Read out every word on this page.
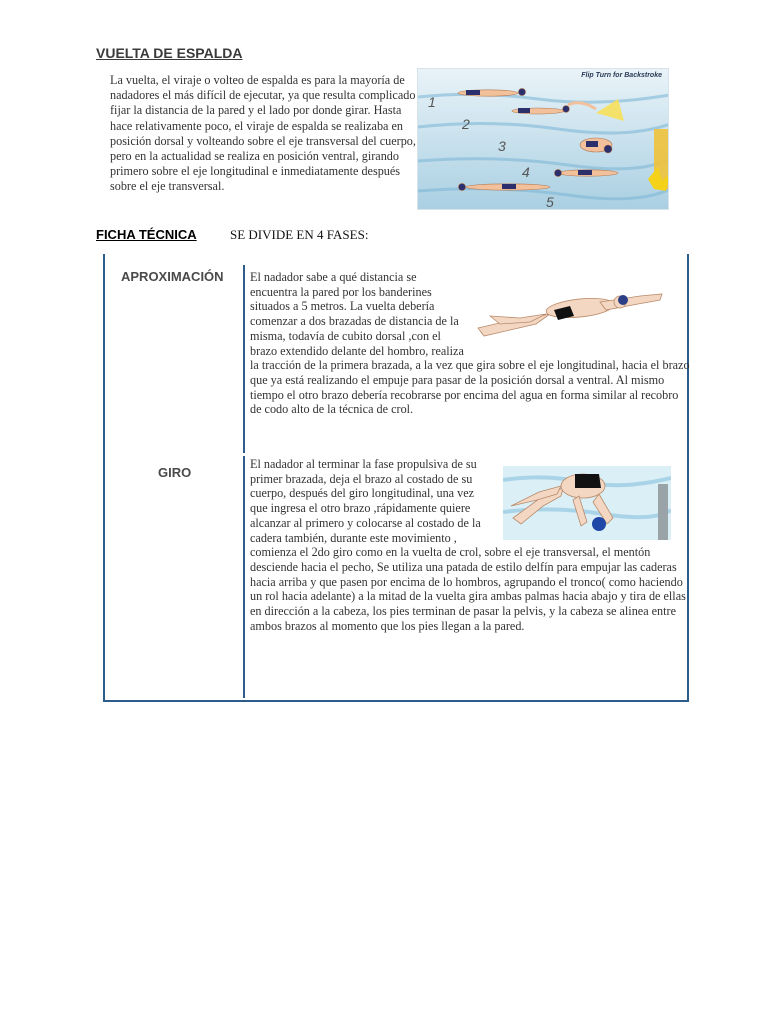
VUELTA DE ESPALDA

La vuelta, el viraje o volteo de espalda es para la mayoría de nadadores el más difícil de ejecutar, ya que resulta complicado fijar la distancia de la pared y el lado por donde girar. Hasta hace relativamente poco, el viraje de espalda se realizaba en posición dorsal y volteando sobre el eje transversal del cuerpo, pero en la actualidad se realiza en posición ventral, girando primero sobre el eje longitudinal e inmediatamente después sobre el eje transversal.

1
2
3
4
5
Flip Turn for Backstroke

FICHA TÉCNICA	SE DIVIDE EN 4 FASES:

APROXIMACIÓN El nadador sabe a qué distancia se encuentra la pared por los banderines situados a 5 metros. La vuelta debería comenzar a dos brazadas de distancia de la misma, todavía de cubito dorsal ,con el brazo extendido delante del hombro, realiza la tracción de la primera brazada, a la vez que gira sobre el eje longitudinal, hacia el brazo que ya está realizando el empuje para pasar de la posición dorsal a ventral. Al mismo tiempo el otro brazo debería recobrarse por encima del agua en forma similar al recobro de codo alto de la técnica de crol.

GIRO

El nadador al terminar la fase propulsiva de su primer brazada, deja el brazo al costado de su cuerpo, después del giro longitudinal, una vez que ingresa el otro brazo ,rápidamente quiere alcanzar al primero y colocarse al costado de la cadera también, durante este movimiento , comienza el 2do giro como en la vuelta de crol, sobre el eje transversal, el mentón desciende hacia el pecho, Se utiliza una patada de estilo delfín para empujar las caderas hacia arriba y que pasen por encima de lo hombros, agrupando el tronco( como haciendo un rol hacia adelante) a la mitad de la vuelta gira ambas palmas hacia abajo y tira de ellas en dirección a la cabeza, los pies terminan de pasar la pelvis, y la cabeza se alinea entre ambos brazos al momento que los pies llegan a la pared.
